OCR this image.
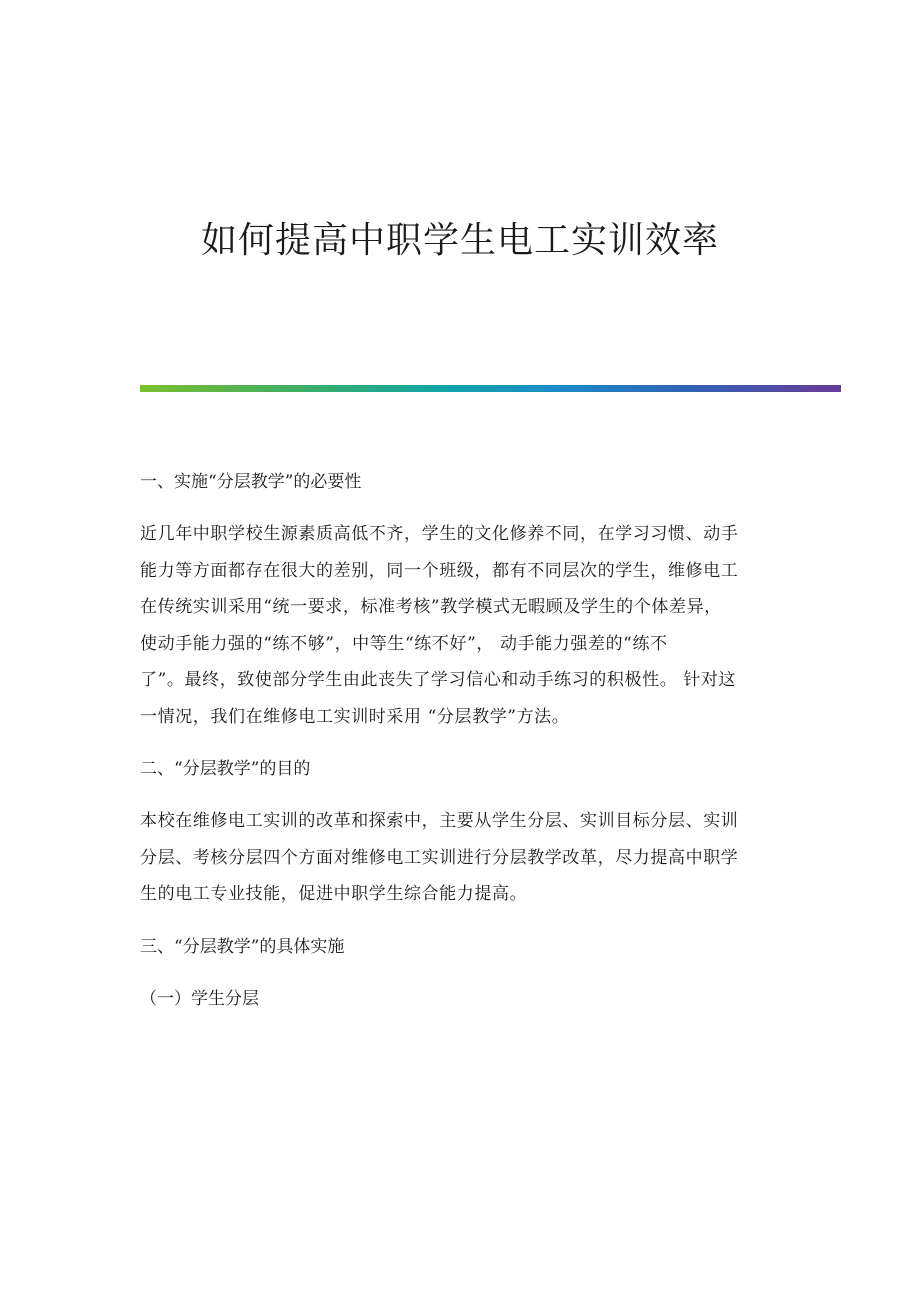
如何提高中职学生电工实训效率

一、实施“分层教学”的必要性

近几年中职学校生源素质高低不齐，学生的文化修养不同，在学习习惯、动手
能力等方面都存在很大的差别，同一个班级，都有不同层次的学生，维修电工
在传统实训采用“统一要求，标准考核”教学模式无暇顾及学生的个体差异，
使动手能力强的“练不够”，中等生“练不好”， 动手能力强差的“练不
了”。最终，致使部分学生由此丧失了学习信心和动手练习的积极性。 针对这
一情况，我们在维修电工实训时采用 “分层教学”方法。

二、“分层教学”的目的

本校在维修电工实训的改革和探索中，主要从学生分层、实训目标分层、实训
分层、考核分层四个方面对维修电工实训进行分层教学改革，尽力提高中职学
生的电工专业技能，促进中职学生综合能力提高。

三、“分层教学”的具体实施

（一）学生分层
